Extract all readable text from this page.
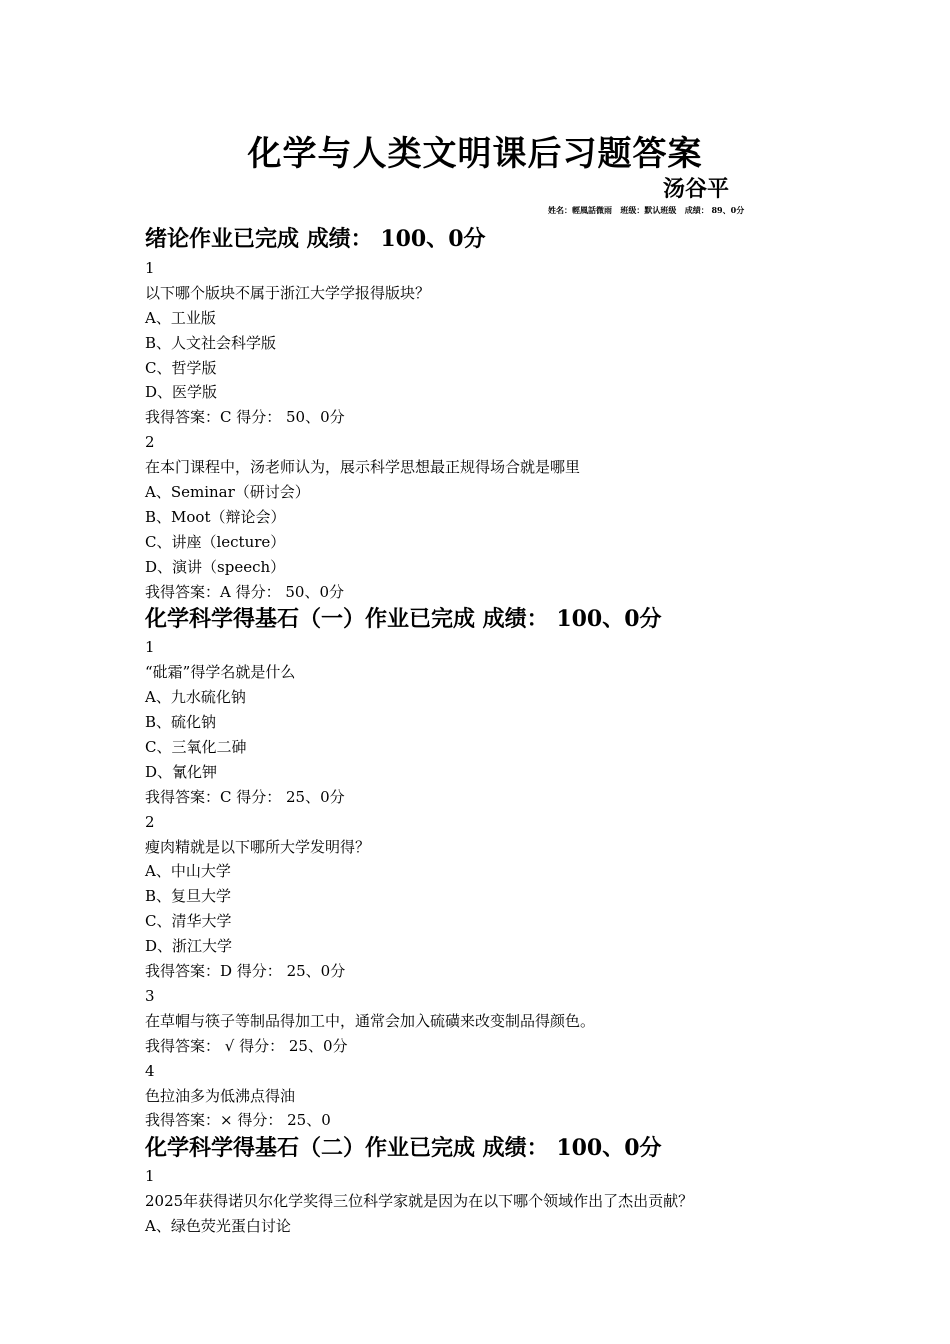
化学与人类文明课后习题答案
汤谷平
姓名：輕風話微雨   班级：默认班级   成绩： 89、0分
绪论作业已完成 成绩： 100、0分
1
以下哪个版块不属于浙江大学学报得版块？
A、工业版
B、人文社会科学版
C、哲学版
D、医学版
我得答案：C 得分： 50、0分
2
在本门课程中，汤老师认为，展示科学思想最正规得场合就是哪里
A、Seminar（研讨会）
B、Moot（辩论会）
C、讲座（lecture）
D、演讲（speech）
我得答案：A 得分： 50、0分
化学科学得基石（一）作业已完成 成绩： 100、0分
1
“砒霜”得学名就是什么
A、九水硫化钠
B、硫化钠
C、三氧化二砷
D、氰化钾
我得答案：C 得分： 25、0分
2
瘦肉精就是以下哪所大学发明得？
A、中山大学
B、复旦大学
C、清华大学
D、浙江大学
我得答案：D 得分： 25、0分
3
在草帽与筷子等制品得加工中，通常会加入硫磺来改变制品得颜色。
我得答案： √ 得分： 25、0分
4
色拉油多为低沸点得油
我得答案：× 得分： 25、0
化学科学得基石（二）作业已完成 成绩： 100、0分
1
2025年获得诺贝尔化学奖得三位科学家就是因为在以下哪个领域作出了杰出贡献？
A、绿色荧光蛋白讨论
